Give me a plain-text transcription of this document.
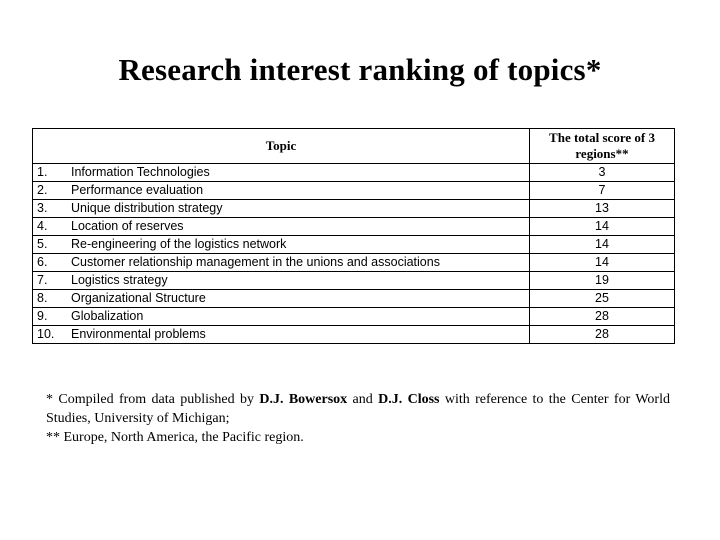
Research interest ranking of topics*
Topic	The total score of 3 regions**
1. Information Technologies	3
2. Performance evaluation	7
3. Unique distribution strategy	13
4. Location of reserves	14
5. Re-engineering of the logistics network	14
6. Customer relationship management in the unions and associations	14
7. Logistics strategy	19
8. Organizational Structure	25
9. Globalization	28
10. Environmental problems	28

* Compiled from data published by D.J. Bowersox and D.J. Closs with reference to the Center for World Studies, University of Michigan;

** Europe, North America, the Pacific region.
